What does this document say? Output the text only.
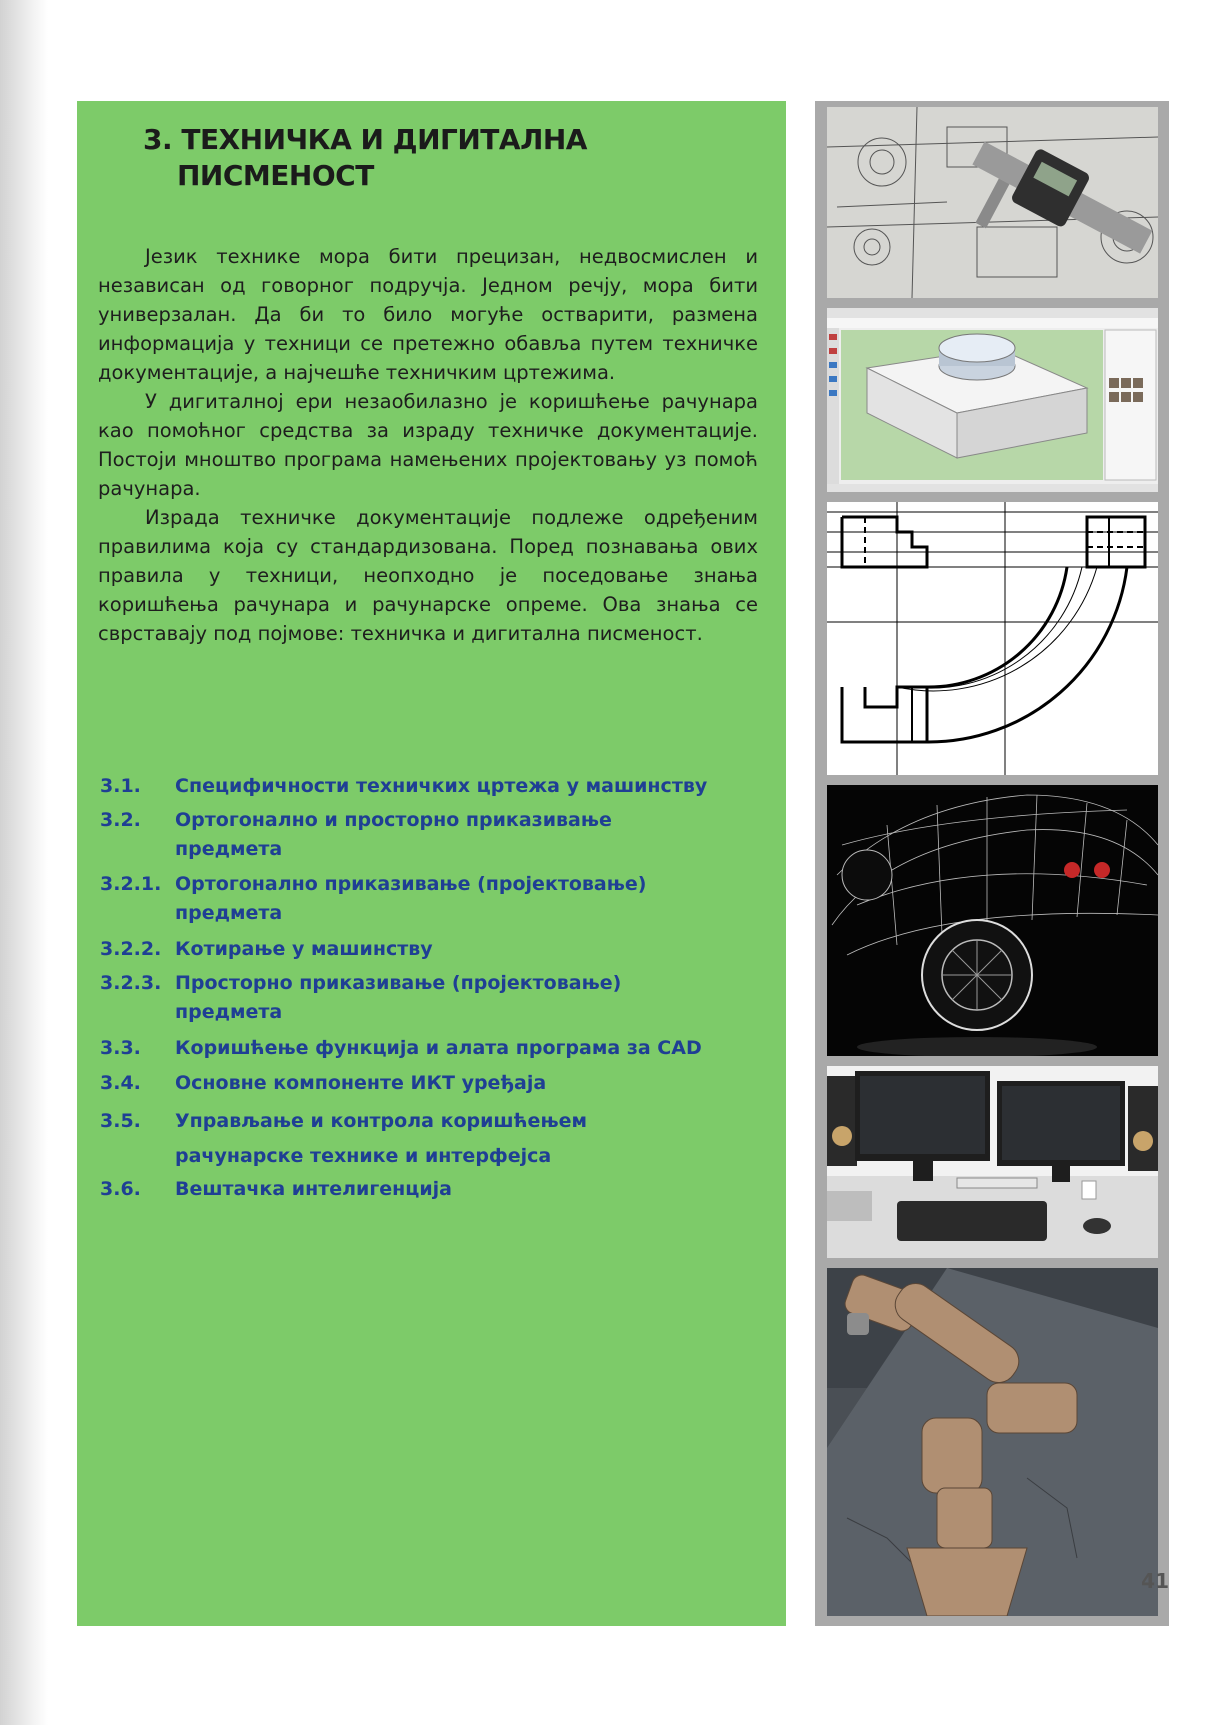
3. ТЕХНИЧКА И ДИГИТАЛНА
ПИСМЕНОСТ

Језик технике мора бити прецизан, недвосмислен и независан од говорног подручја. Једном речју, мора бити универзалан. Да би то било могуће остварити, размена информација у техници се претежно обавља путем техничке документације, а најчешће техничким цртежима.

У дигиталној ери незаобилазно је коришћење рачунара као помоћног средства за израду техничке документације. Постоји мноштво програма намењених пројектовању уз помоћ рачунара.

Израда техничке документације подлеже одређеним правилима која су стандардизована. Поред познавања ових правила у техници, неопходно је поседовање знања коришћења рачунара и рачунарске опреме. Ова знања се сврставају под појмове: техничка и дигитална писменост.

3.1. Специфичности техничких цртежа у машинству
3.2. Ортогонално и просторно приказивање предмета
3.2.1. Ортогонално приказивање (пројектовање) предмета
3.2.2. Котирање у машинству
3.2.3. Просторно приказивање (пројектовање) предмета
3.3. Коришћење функција и алата програма за CAD
3.4. Основне компоненте ИКТ уређаја
3.5. Управљање и контрола коришћењем рачунарске технике и интерфејса
3.6. Вештачка интелигенција
41
